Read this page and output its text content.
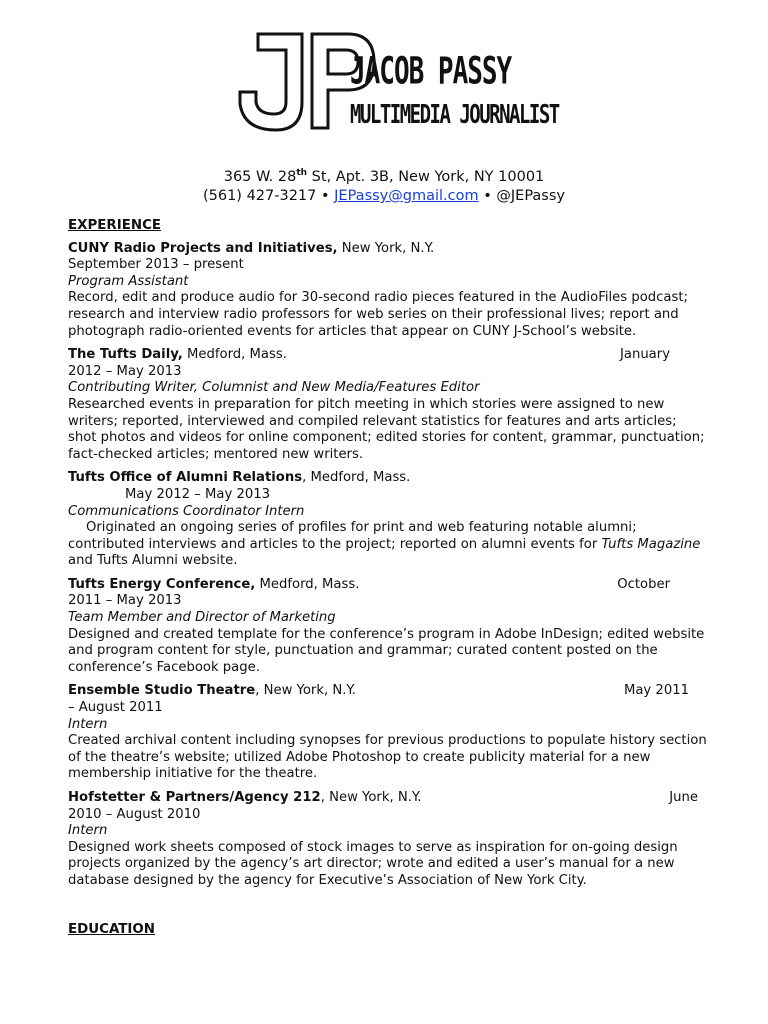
JACOB PASSY
MULTIMEDIA JOURNALIST
365 W. 28th St, Apt. 3B, New York, NY 10001
(561) 427-3217 • JEPassy@gmail.com • @JEPassy
EXPERIENCE
CUNY Radio Projects and Initiatives, New York, N.Y.
September 2013 – present
Program Assistant
Record, edit and produce audio for 30-second radio pieces featured in the AudioFiles podcast; research and interview radio professors for web series on their professional lives; report and photograph radio-oriented events for articles that appear on CUNY J-School’s website.
The Tufts Daily, Medford, Mass.	January
2012 – May 2013
Contributing Writer, Columnist and New Media/Features Editor
Researched events in preparation for pitch meeting in which stories were assigned to new writers; reported, interviewed and compiled relevant statistics for features and arts articles; shot photos and videos for online component; edited stories for content, grammar, punctuation; fact-checked articles; mentored new writers.
Tufts Office of Alumni Relations, Medford, Mass.
May 2012 – May 2013
Communications Coordinator Intern
Originated an ongoing series of profiles for print and web featuring notable alumni; contributed interviews and articles to the project; reported on alumni events for Tufts Magazine and Tufts Alumni website.
Tufts Energy Conference, Medford, Mass.	October
2011 – May 2013
Team Member and Director of Marketing
Designed and created template for the conference’s program in Adobe InDesign; edited website and program content for style, punctuation and grammar; curated content posted on the conference’s Facebook page.
Ensemble Studio Theatre, New York, N.Y.	May 2011
– August 2011
Intern
Created archival content including synopses for previous productions to populate history section of the theatre’s website; utilized Adobe Photoshop to create publicity material for a new membership initiative for the theatre.
Hofstetter & Partners/Agency 212, New York, N.Y.	June
2010 – August 2010
Intern
Designed work sheets composed of stock images to serve as inspiration for on-going design projects organized by the agency’s art director; wrote and edited a user’s manual for a new database designed by the agency for Executive’s Association of New York City.
EDUCATION
